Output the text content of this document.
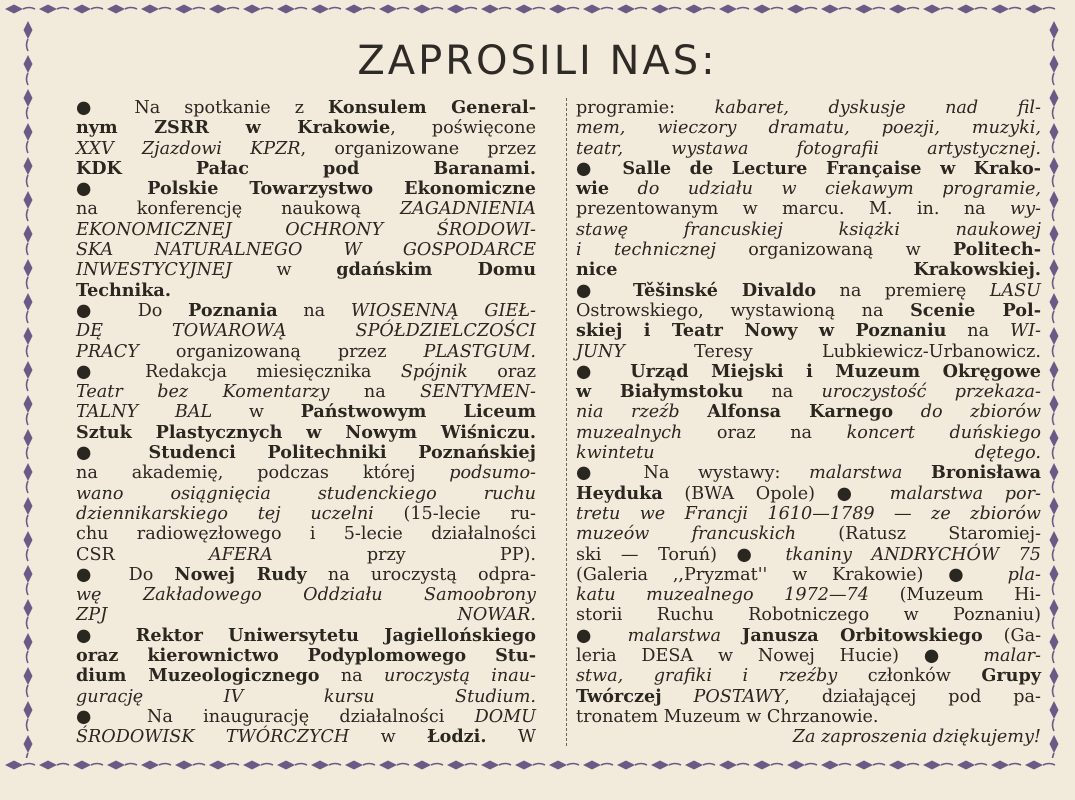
ZAPROSILI NAS:
● Na spotkanie z Konsulem General-
nym ZSRR w Krakowie, poświęcone
XXV Zjazdowi KPZR, organizowane przez
KDK Pałac pod Baranami.
● Polskie Towarzystwo Ekonomiczne
na konferencję naukową ZAGADNIENIA
EKONOMICZNEJ OCHRONY ŚRODOWI-
SKA NATURALNEGO W GOSPODARCE
INWESTYCYJNEJ w gdańskim Domu
Technika.
● Do Poznania na WIOSENNĄ GIEŁ-
DĘ TOWAROWĄ SPÓŁDZIELCZOŚCI
PRACY organizowaną przez PLASTGUM.
● Redakcja miesięcznika Spójnik oraz
Teatr bez Komentarzy na SENTYMEN-
TALNY BAL w Państwowym Liceum
Sztuk Plastycznych w Nowym Wiśniczu.
● Studenci Politechniki Poznańskiej
na akademię, podczas której podsumo-
wano osiągnięcia studenckiego ruchu
dziennikarskiego tej uczelni (15-lecie ru-
chu radiowęzłowego i 5-lecie działalności
CSR AFERA przy PP).
● Do Nowej Rudy na uroczystą odpra-
wę Zakładowego Oddziału Samoobrony
ZPJ NOWAR.
● Rektor Uniwersytetu Jagiellońskiego
oraz kierownictwo Podyplomowego Stu-
dium Muzeologicznego na uroczystą inau-
gurację IV kursu Studium.
● Na inaugurację działalności DOMU
ŚRODOWISK TWÓRCZYCH w Łodzi. W
programie: kabaret, dyskusje nad fil-
mem, wieczory dramatu, poezji, muzyki,
teatr, wystawa fotografii artystycznej.
● Salle de Lecture Française w Krako-
wie do udziału w ciekawym programie,
prezentowanym w marcu. M. in. na wy-
stawę francuskiej książki naukowej
i technicznej organizowaną w Politech-
nice Krakowskiej.
● Těšinské Divaldo na premierę LASU
Ostrowskiego, wystawioną na Scenie Pol-
skiej i Teatr Nowy w Poznaniu na WI-
JUNY Teresy Lubkiewicz-Urbanowicz.
● Urząd Miejski i Muzeum Okręgowe
w Białymstoku na uroczystość przekaza-
nia rzeźb Alfonsa Karnego do zbiorów
muzealnych oraz na koncert duńskiego
kwintetu dętego.
● Na wystawy: malarstwa Bronisława
Heyduka (BWA Opole) ● malarstwa por-
tretu we Francji 1610—1789 — ze zbiorów
muzeów francuskich (Ratusz Staromiej-
ski — Toruń) ● tkaniny ANDRYCHÓW 75
(Galeria ,,Pryzmat'' w Krakowie) ● pla-
katu muzealnego 1972—74 (Muzeum Hi-
storii Ruchu Robotniczego w Poznaniu)
● malarstwa Janusza Orbitowskiego (Ga-
leria DESA w Nowej Hucie) ● malar-
stwa, grafiki i rzeźby członków Grupy
Twórczej POSTAWY, działającej pod pa-
tronatem Muzeum w Chrzanowie.
Za zaproszenia dziękujemy!
